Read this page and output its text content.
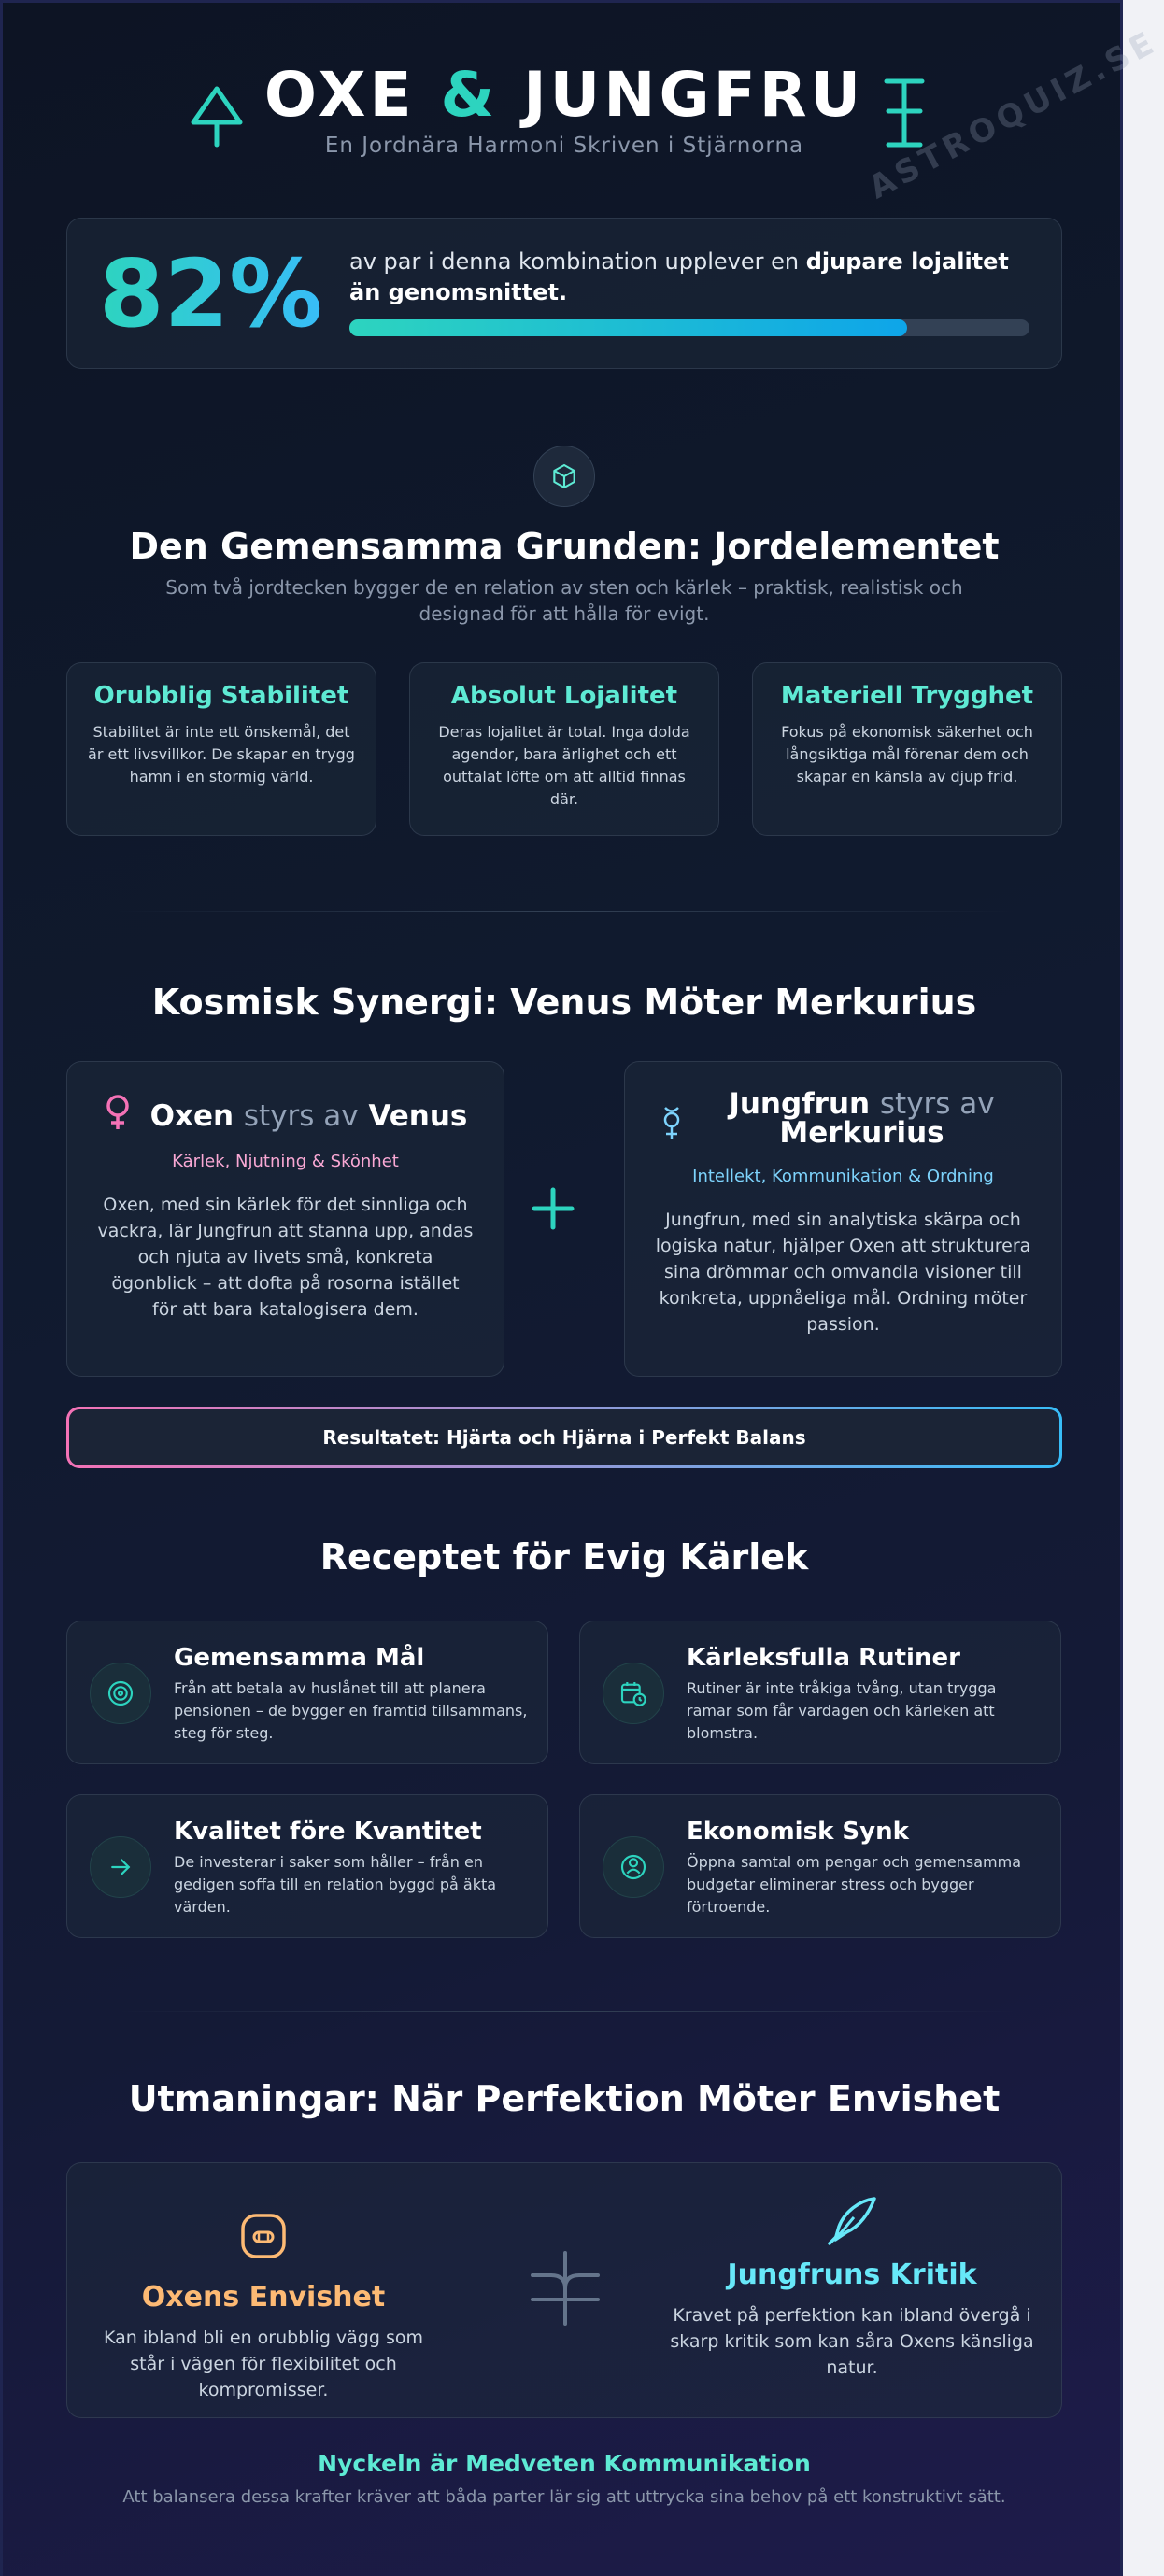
ASTROQUIZ.SE
OXE & JUNGFRU
En Jordnära Harmoni Skriven i Stjärnorna
82% av par i denna kombination upplever en djupare lojalitet än genomsnittet.
Den Gemensamma Grunden: Jordelementet
Som två jordtecken bygger de en relation av sten och kärlek – praktisk, realistisk och designad för att hålla för evigt.
Orubblig Stabilitet

Stabilitet är inte ett önskemål, det är ett livsvillkor. De skapar en trygg hamn i en stormig värld.

Absolut Lojalitet

Deras lojalitet är total. Inga dolda agendor, bara ärlighet och ett outtalat löfte om att alltid finnas där.

Materiell Trygghet

Fokus på ekonomisk säkerhet och långsiktiga mål förenar dem och skapar en känsla av djup frid.

Kosmisk Synergi: Venus Möter Merkurius
Oxen styrs av Venus
Kärlek, Njutning & Skönhet
Oxen, med sin kärlek för det sinnliga och vackra, lär Jungfrun att stanna upp, andas och njuta av livets små, konkreta ögonblick – att dofta på rosorna istället för att bara katalogisera dem.
Jungfrun styrs av
Merkurius
Intellekt, Kommunikation & Ordning
Jungfrun, med sin analytiska skärpa och logiska natur, hjälper Oxen att strukturera sina drömmar och omvandla visioner till konkreta, uppnåeliga mål. Ordning möter passion.
Resultatet: Hjärta och Hjärna i Perfekt Balans
Receptet för Evig Kärlek
Gemensamma Mål

Från att betala av huslånet till att planera pensionen – de bygger en framtid tillsammans, steg för steg.

Kärleksfulla Rutiner

Rutiner är inte tråkiga tvång, utan trygga ramar som får vardagen och kärleken att blomstra.

Kvalitet före Kvantitet

De investerar i saker som håller – från en gedigen soffa till en relation byggd på äkta värden.

Ekonomisk Synk

Öppna samtal om pengar och gemensamma budgetar eliminerar stress och bygger förtroende.

Utmaningar: När Perfektion Möter Envishet
Oxens Envishet

Kan ibland bli en orubblig vägg som står i vägen för flexibilitet och kompromisser.

Jungfruns Kritik

Kravet på perfektion kan ibland övergå i skarp kritik som kan såra Oxens känsliga natur.

Nyckeln är Medveten Kommunikation
Att balansera dessa krafter kräver att båda parter lär sig att uttrycka sina behov på ett konstruktivt sätt.
